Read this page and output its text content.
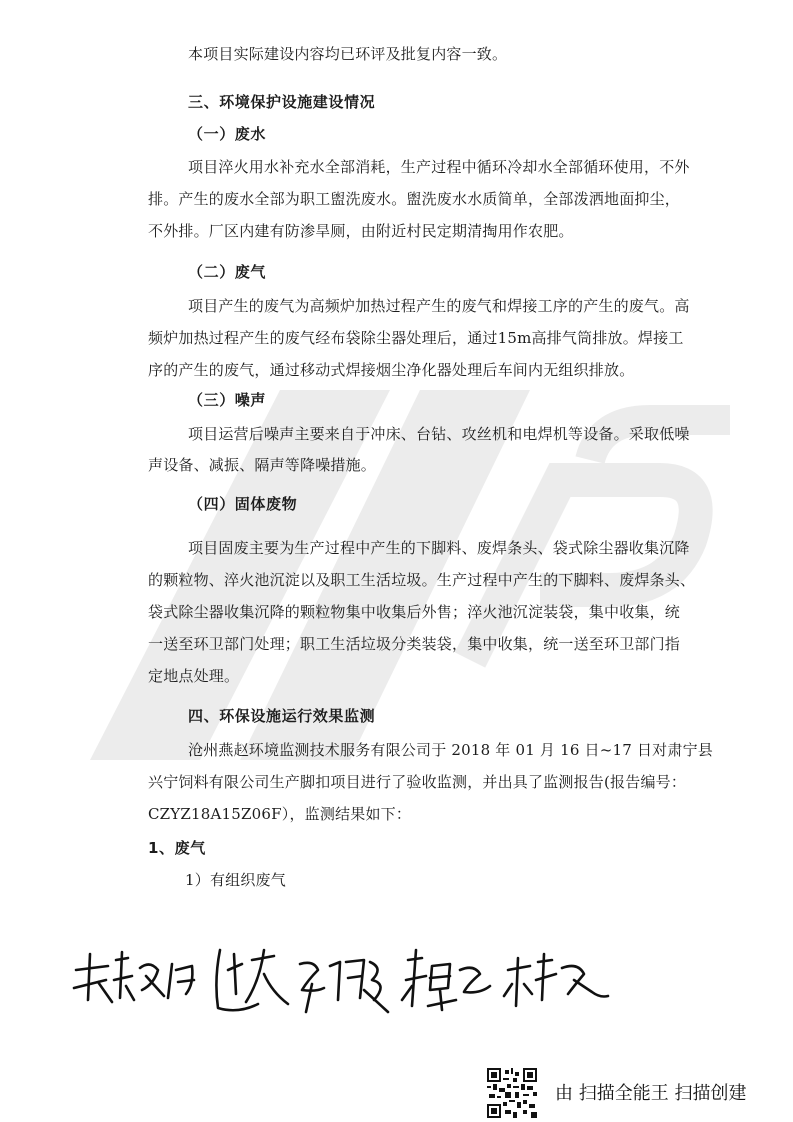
本项目实际建设内容均已环评及批复内容一致。
三、环境保护设施建设情况
（一）废水
项目淬火用水补充水全部消耗，生产过程中循环冷却水全部循环使用，不外
排。产生的废水全部为职工盥洗废水。盥洗废水水质简单，全部泼洒地面抑尘，
不外排。厂区内建有防渗旱厕，由附近村民定期清掏用作农肥。
（二）废气
项目产生的废气为高频炉加热过程产生的废气和焊接工序的产生的废气。高
频炉加热过程产生的废气经布袋除尘器处理后，通过15m高排气筒排放。焊接工
序的产生的废气，通过移动式焊接烟尘净化器处理后车间内无组织排放。
（三）噪声
项目运营后噪声主要来自于冲床、台钻、攻丝机和电焊机等设备。采取低噪
声设备、减振、隔声等降噪措施。
（四）固体废物
项目固废主要为生产过程中产生的下脚料、废焊条头、袋式除尘器收集沉降
的颗粒物、淬火池沉淀以及职工生活垃圾。生产过程中产生的下脚料、废焊条头、
袋式除尘器收集沉降的颗粒物集中收集后外售；淬火池沉淀装袋，集中收集，统
一送至环卫部门处理；职工生活垃圾分类装袋，集中收集，统一送至环卫部门指
定地点处理。
四、环保设施运行效果监测
沧州燕赵环境监测技术服务有限公司于 2018 年 01 月 16 日~17 日对肃宁县
兴宁饲料有限公司生产脚扣项目进行了验收监测，并出具了监测报告(报告编号：
CZYZ18A15Z06F），监测结果如下：
1、废气
1）有组织废气
由 扫描全能王 扫描创建
